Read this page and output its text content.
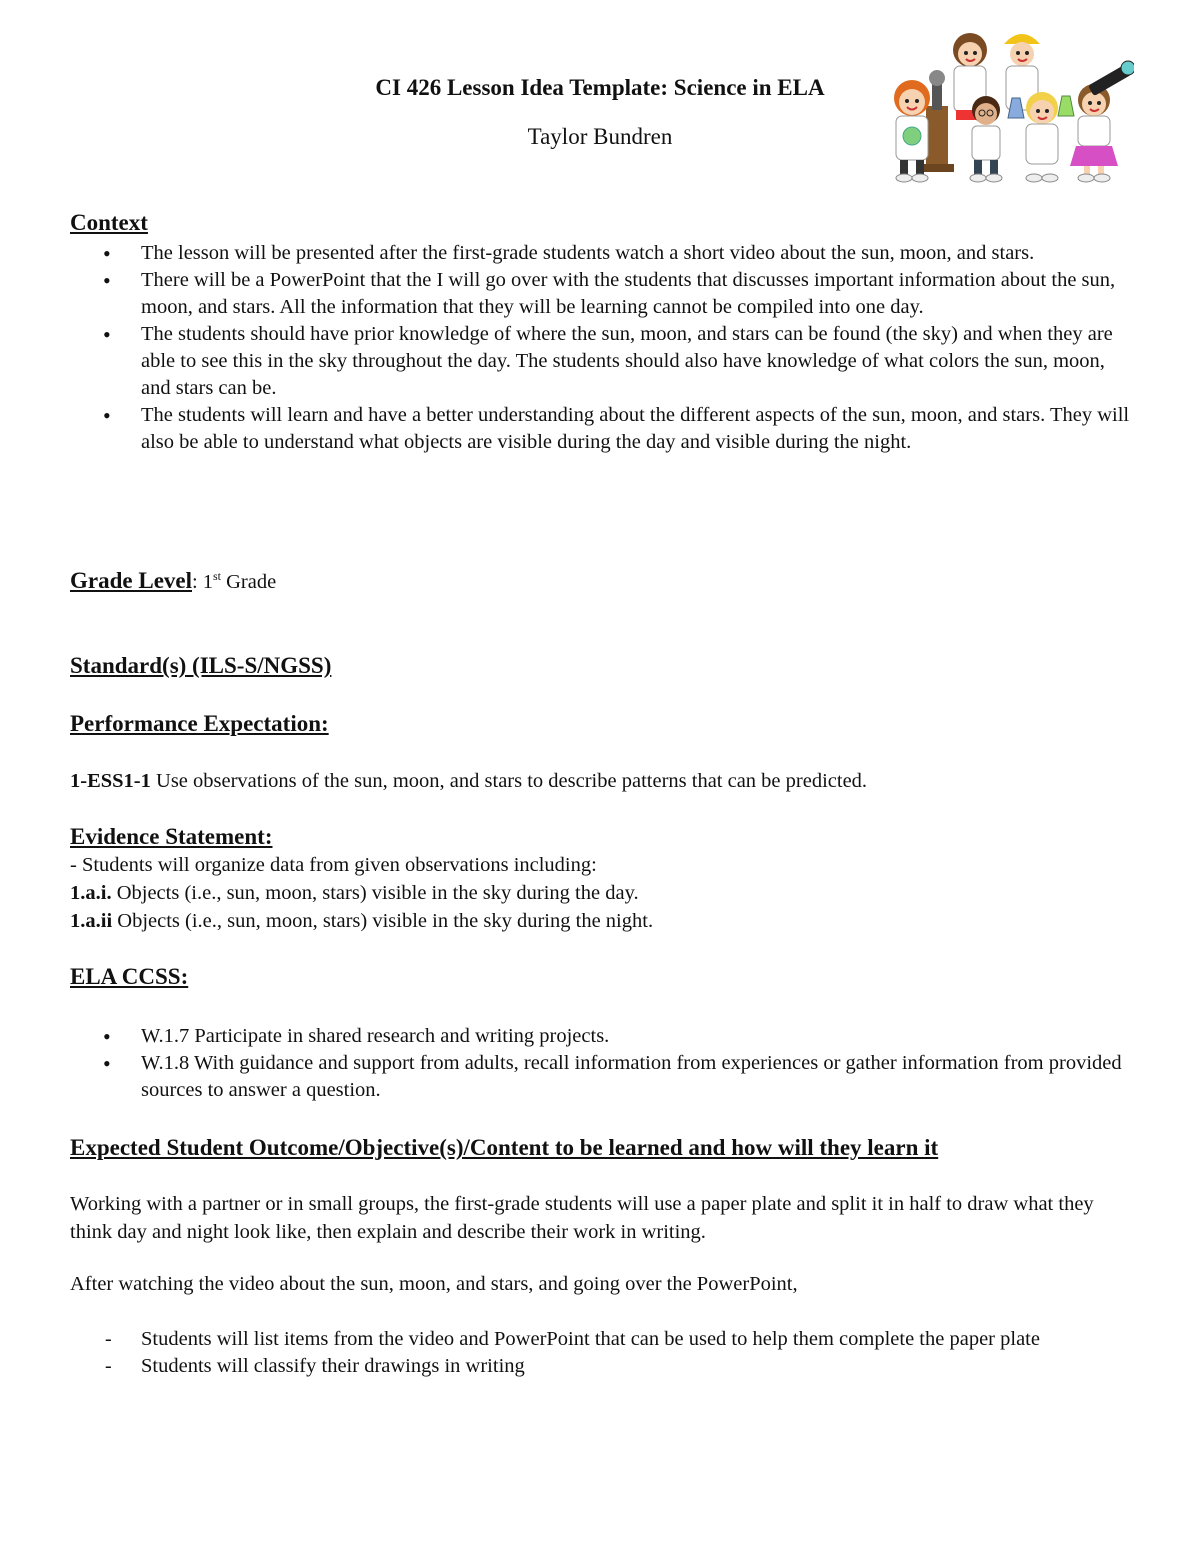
CI 426 Lesson Idea Template: Science in ELA
Taylor Bundren
Context
• The lesson will be presented after the first-grade students watch a short video about the sun, moon, and stars.
• There will be a PowerPoint that the I will go over with the students that discusses important information about the sun, moon, and stars. All the information that they will be learning cannot be compiled into one day.
• The students should have prior knowledge of where the sun, moon, and stars can be found (the sky) and when they are able to see this in the sky throughout the day. The students should also have knowledge of what colors the sun, moon, and stars can be.
• The students will learn and have a better understanding about the different aspects of the sun, moon, and stars. They will also be able to understand what objects are visible during the day and visible during the night.
Grade Level: 1st Grade
Standard(s) (ILS-S/NGSS)
Performance Expectation:
1-ESS1-1 Use observations of the sun, moon, and stars to describe patterns that can be predicted.
Evidence Statement:
- Students will organize data from given observations including:
1.a.i. Objects (i.e., sun, moon, stars) visible in the sky during the day.
1.a.ii Objects (i.e., sun, moon, stars) visible in the sky during the night.
ELA CCSS:
• W.1.7 Participate in shared research and writing projects.
• W.1.8 With guidance and support from adults, recall information from experiences or gather information from provided sources to answer a question.
Expected Student Outcome/Objective(s)/Content to be learned and how will they learn it
Working with a partner or in small groups, the first-grade students will use a paper plate and split it in half to draw what they think day and night look like, then explain and describe their work in writing.
After watching the video about the sun, moon, and stars, and going over the PowerPoint,
- Students will list items from the video and PowerPoint that can be used to help them complete the paper plate
- Students will classify their drawings in writing
